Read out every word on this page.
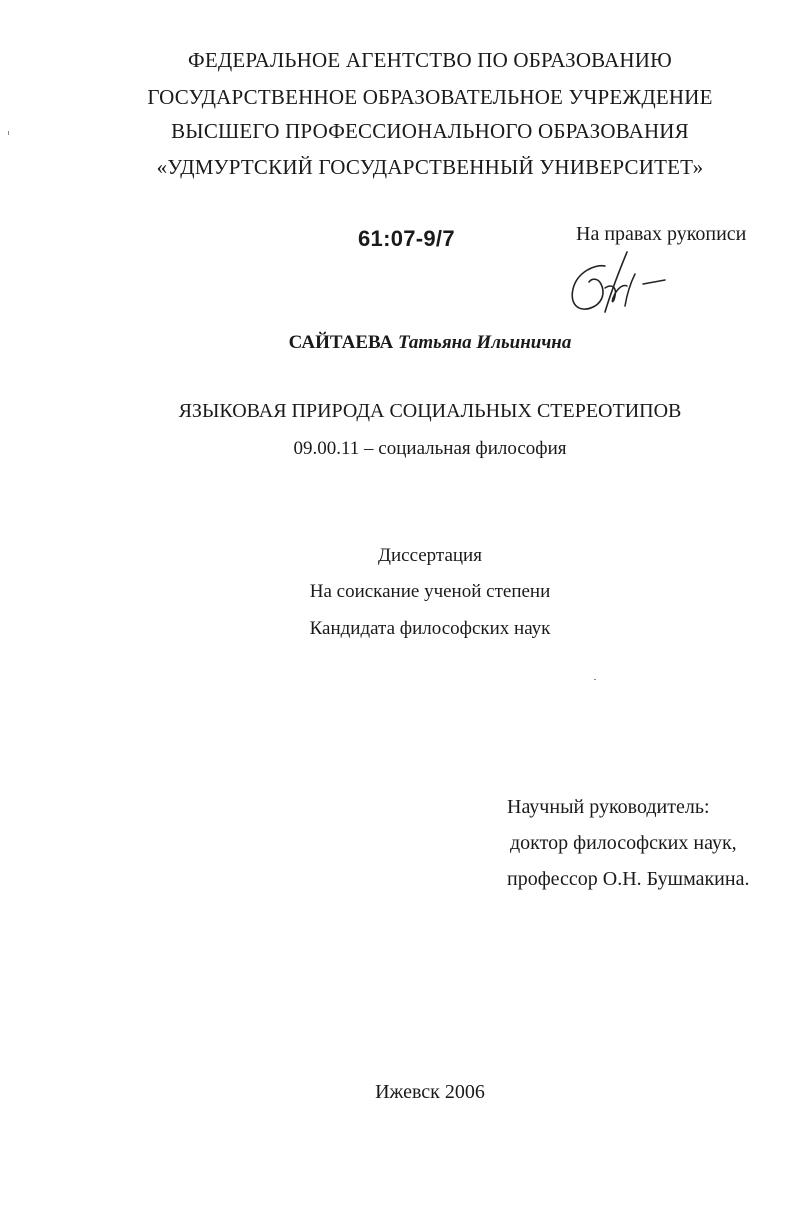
ФЕДЕРАЛЬНОЕ АГЕНТСТВО ПО ОБРАЗОВАНИЮ
ГОСУДАРСТВЕННОЕ ОБРАЗОВАТЕЛЬНОЕ УЧРЕЖДЕНИЕ
ВЫСШЕГО ПРОФЕССИОНАЛЬНОГО ОБРАЗОВАНИЯ
«УДМУРТСКИЙ ГОСУДАРСТВЕННЫЙ УНИВЕРСИТЕТ»
61:07-9/7	На правах рукописи
САЙТАЕВА Татьяна Ильинична
ЯЗЫКОВАЯ ПРИРОДА СОЦИАЛЬНЫХ СТЕРЕОТИПОВ
09.00.11 – социальная философия
Диссертация
На соискание ученой степени
Кандидата философских наук
Научный руководитель:
доктор философских наук,
профессор О.Н. Бушмакина.
Ижевск 2006
